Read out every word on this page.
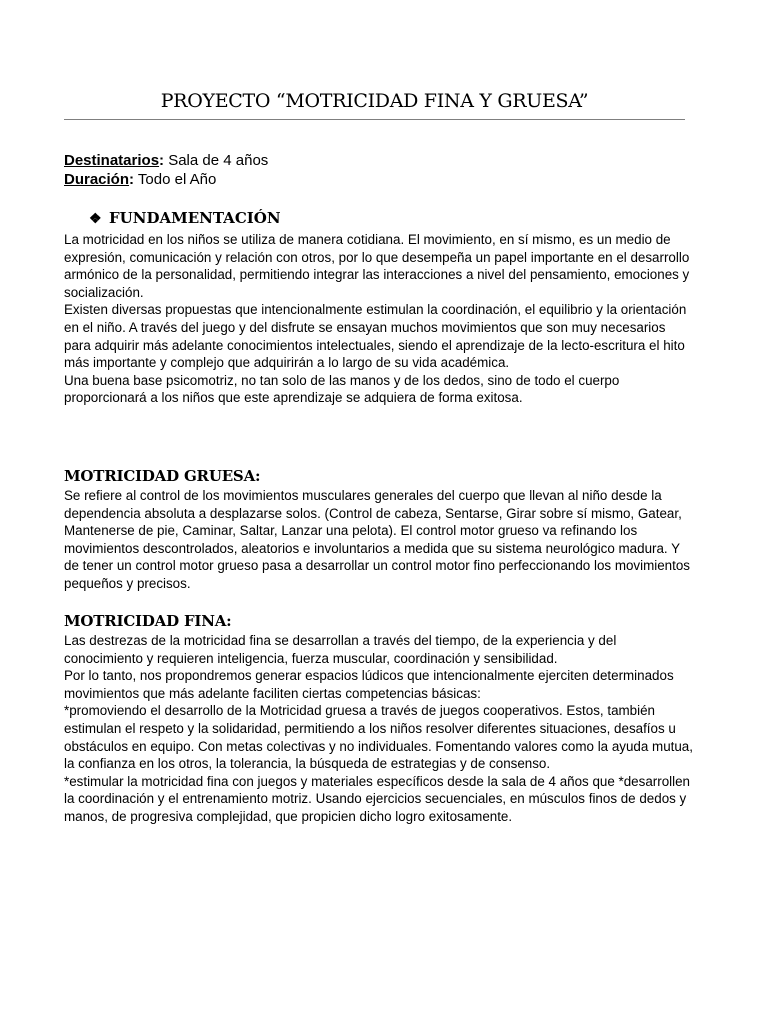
PROYECTO “MOTRICIDAD FINA Y GRUESA”

Destinatarios: Sala de 4 años

Duración: Todo el Año

❖ FUNDAMENTACIÓN

La motricidad en los niños se utiliza de manera cotidiana. El movimiento, en sí mismo, es un medio de expresión, comunicación y relación con otros, por lo que desempeña un papel importante en el desarrollo armónico de la personalidad, permitiendo integrar las interacciones a nivel del pensamiento, emociones y socialización.

Existen diversas propuestas que intencionalmente estimulan la coordinación, el equilibrio y la orientación en el niño. A través del juego y del disfrute se ensayan muchos movimientos que son muy necesarios para adquirir más adelante conocimientos intelectuales, siendo el aprendizaje de la lecto-escritura el hito más importante y complejo que adquirirán a lo largo de su vida académica.

Una buena base psicomotriz, no tan solo de las manos y de los dedos, sino de todo el cuerpo proporcionará a los niños que este aprendizaje se adquiera de forma exitosa.

MOTRICIDAD GRUESA:

Se refiere al control de los movimientos musculares generales del cuerpo que llevan al niño desde la dependencia absoluta a desplazarse solos. (Control de cabeza, Sentarse, Girar sobre sí mismo, Gatear, Mantenerse de pie, Caminar, Saltar, Lanzar una pelota). El control motor grueso va refinando los movimientos descontrolados, aleatorios e involuntarios a medida que su sistema neurológico madura. Y de tener un control motor grueso pasa a desarrollar un control motor fino perfeccionando los movimientos pequeños y precisos.

MOTRICIDAD FINA:

Las destrezas de la motricidad fina se desarrollan a través del tiempo, de la experiencia y del conocimiento y requieren inteligencia, fuerza muscular, coordinación y sensibilidad.

Por lo tanto, nos propondremos generar espacios lúdicos que intencionalmente ejerciten determinados movimientos que más adelante faciliten ciertas competencias básicas:

*promoviendo el desarrollo de la Motricidad gruesa a través de juegos cooperativos. Estos, también estimulan el respeto y la solidaridad, permitiendo a los niños resolver diferentes situaciones, desafíos u obstáculos en equipo. Con metas colectivas y no individuales. Fomentando valores como la ayuda mutua, la confianza en los otros, la tolerancia, la búsqueda de estrategias y de consenso.

*estimular la motricidad fina con juegos y materiales específicos desde la sala de 4 años que *desarrollen la coordinación y el entrenamiento motriz. Usando ejercicios secuenciales, en músculos finos de dedos y manos, de progresiva complejidad, que propicien dicho logro exitosamente.
